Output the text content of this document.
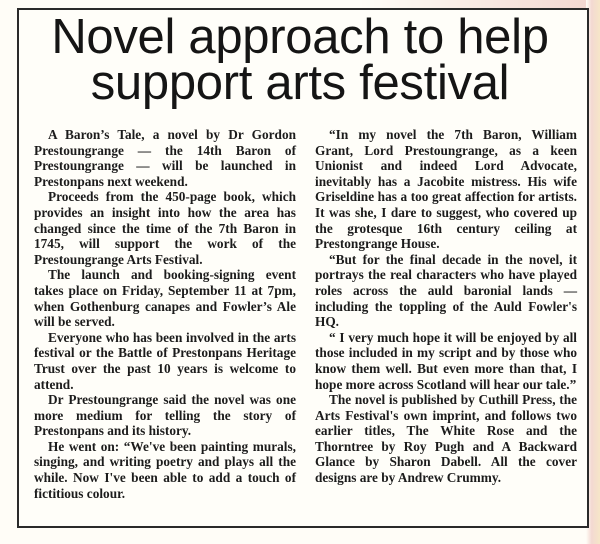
Novel approach to help
support arts festival

A Baron’s Tale, a novel by Dr Gordon Prestoungrange — the 14th Baron of Prestoungrange — will be launched in Prestonpans next weekend.

Proceeds from the 450-page book, which provides an insight into how the area has changed since the time of the 7th Baron in 1745, will support the work of the Prestoungrange Arts Festival.

The launch and booking-signing event takes place on Friday, September 11 at 7pm, when Gothenburg canapes and Fowler’s Ale will be served.

Everyone who has been involved in the arts festival or the Battle of Prestonpans Heritage Trust over the past 10 years is welcome to attend.

Dr Prestoungrange said the novel was one more medium for telling the story of Prestonpans and its history.

He went on: “We've been painting murals, singing, and writing poetry and plays all the while. Now I've been able to add a touch of fictitious colour.

“In my novel the 7th Baron, William Grant, Lord Prestoungrange, as a keen Unionist and indeed Lord Advocate, inevitably has a Jacobite mistress. His wife Griseldine has a too great affection for artists. It was she, I dare to suggest, who covered up the grotesque 16th century ceiling at Prestongrange House.

“But for the final decade in the novel, it portrays the real characters who have played roles across the auld baronial lands — including the toppling of the Auld Fowler's HQ.

“ I very much hope it will be enjoyed by all those included in my script and by those who know them well. But even more than that, I hope more across Scotland will hear our tale.”

The novel is published by Cuthill Press, the Arts Festival's own imprint, and follows two earlier titles, The White Rose and the Thorntree by Roy Pugh and A Backward Glance by Sharon Dabell. All the cover designs are by Andrew Crummy.
